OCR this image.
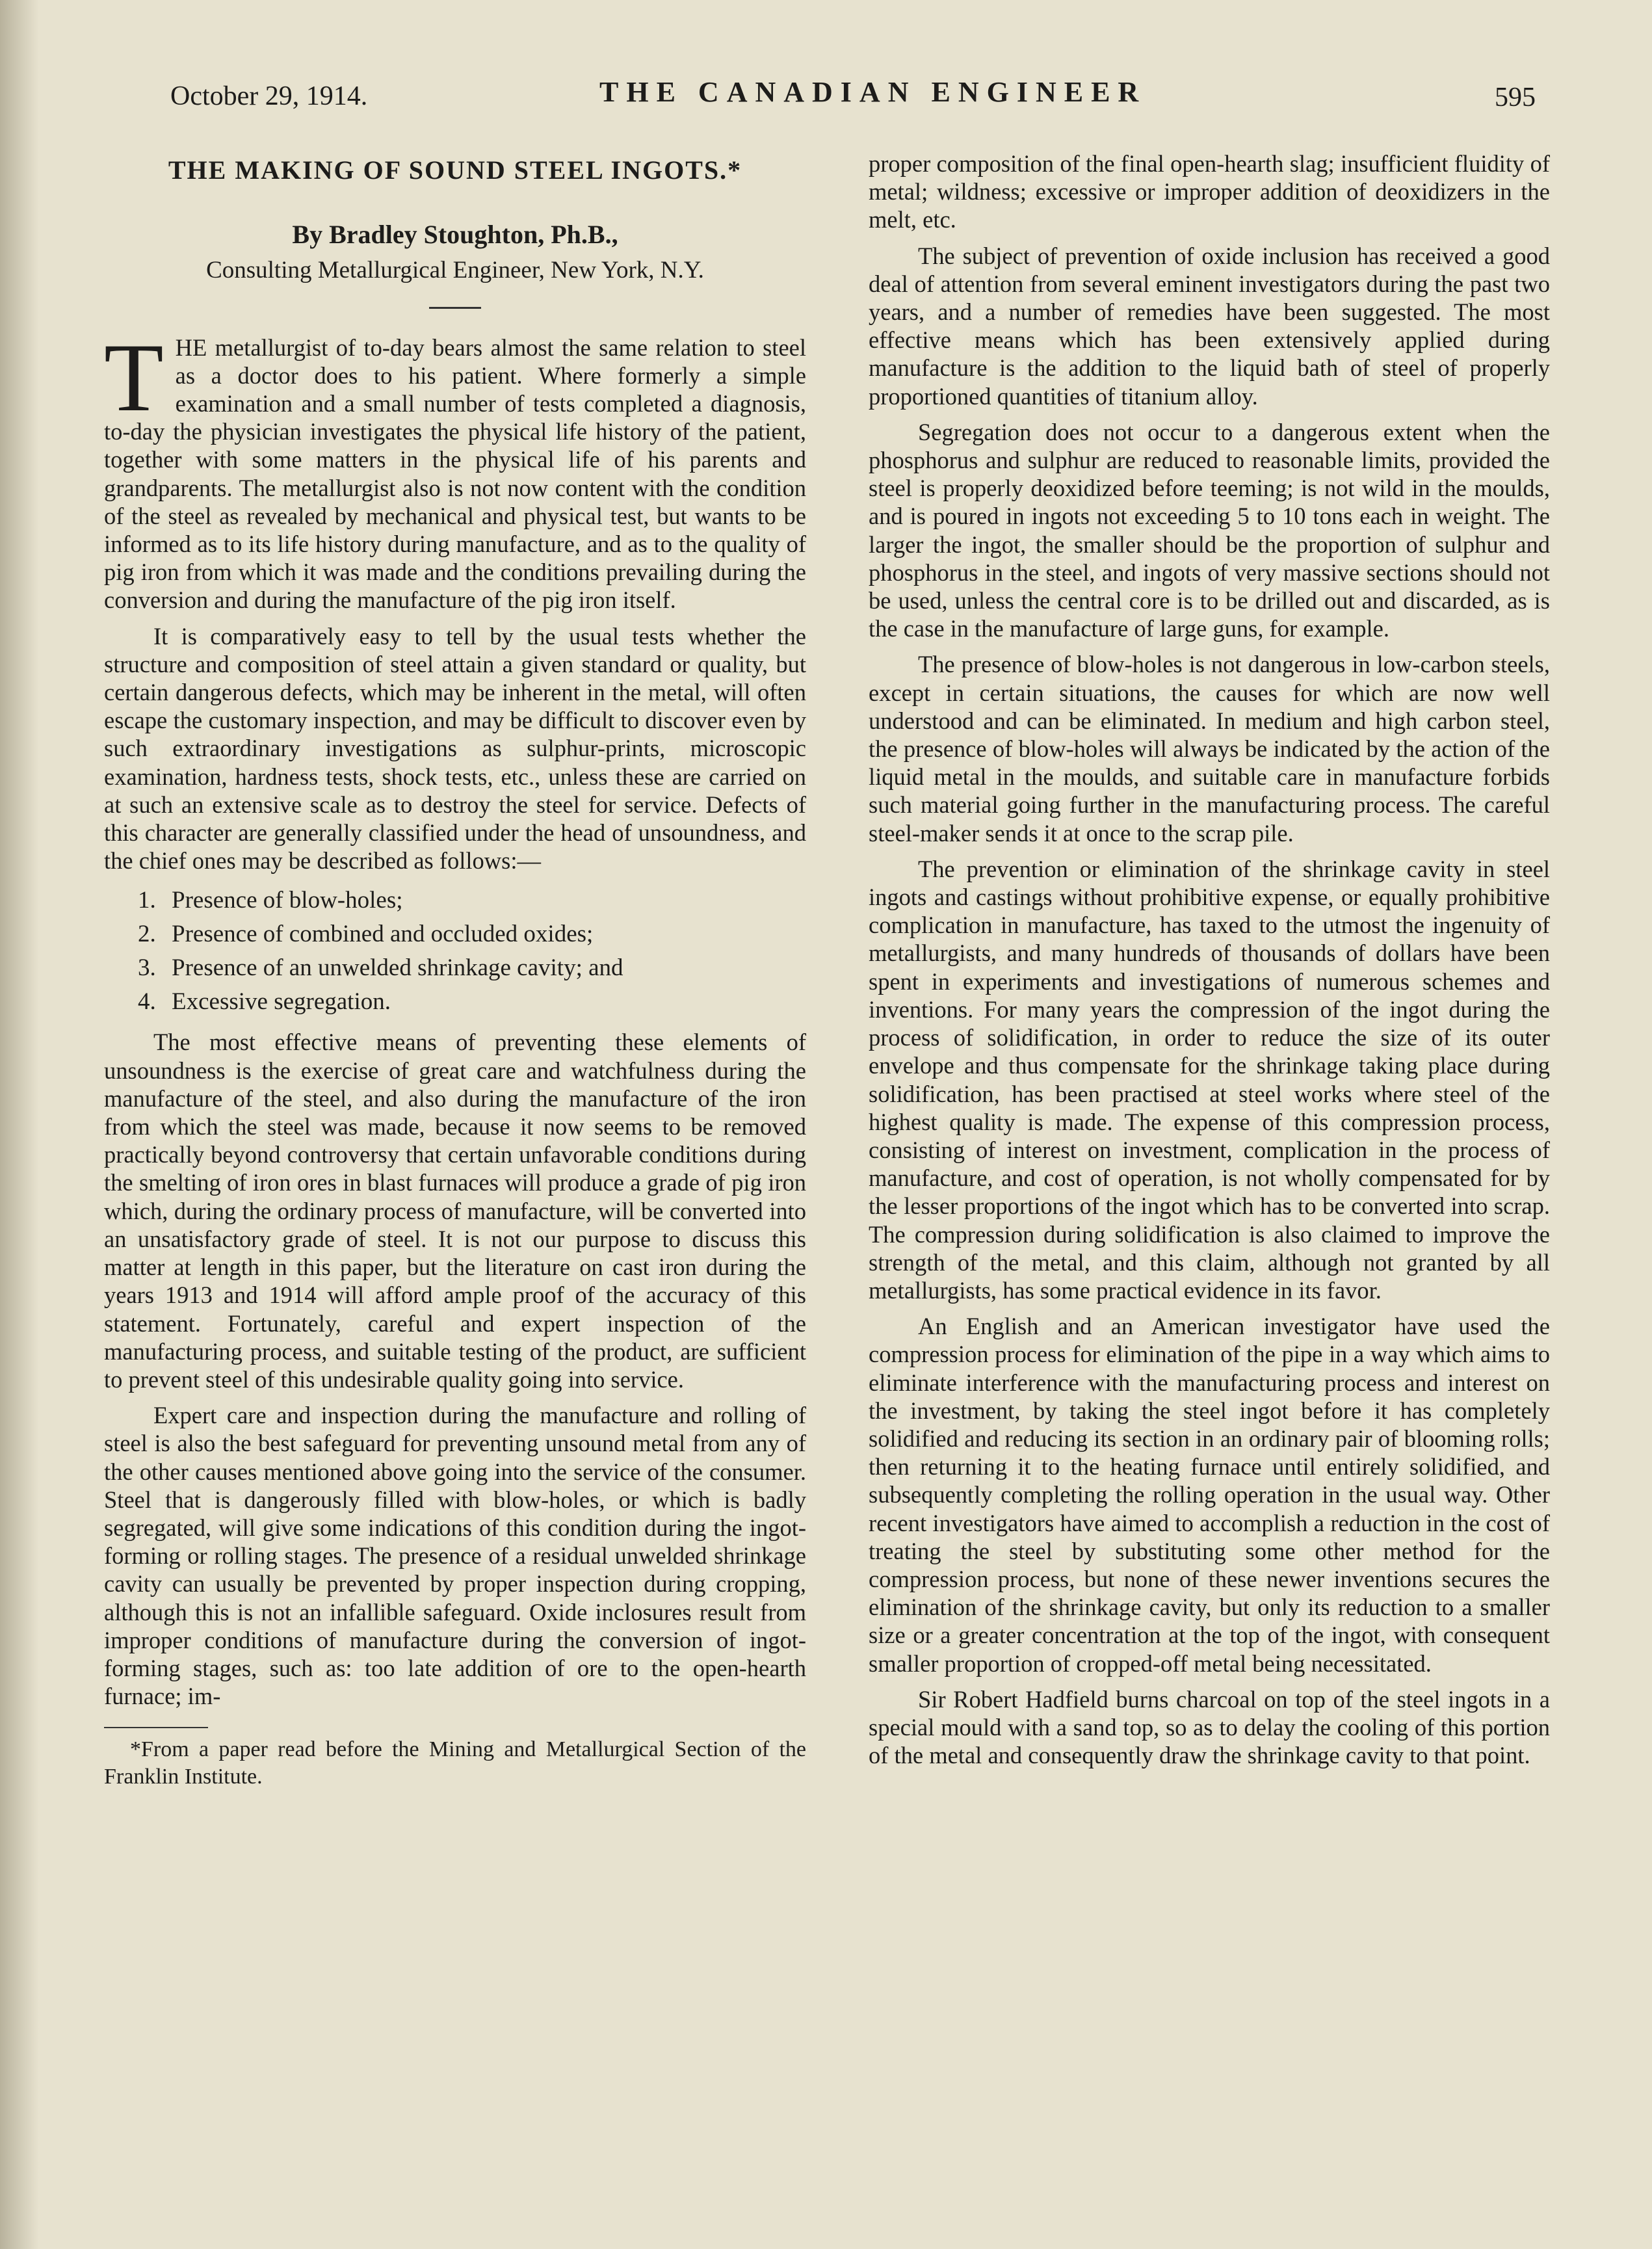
October 29, 1914.	THE CANADIAN ENGINEER	595
THE MAKING OF SOUND STEEL INGOTS.*

By Bradley Stoughton, Ph.B.,

Consulting Metallurgical Engineer, New York, N.Y.

THE metallurgist of to-day bears almost the same relation to steel as a doctor does to his patient. Where formerly a simple examination and a small number of tests completed a diagnosis, to-day the physician investigates the physical life history of the patient, together with some matters in the physical life of his parents and grandparents. The metallurgist also is not now content with the condition of the steel as revealed by mechanical and physical test, but wants to be informed as to its life history during manufacture, and as to the quality of pig iron from which it was made and the conditions prevailing during the conversion and during the manufacture of the pig iron itself.

It is comparatively easy to tell by the usual tests whether the structure and composition of steel attain a given standard or quality, but certain dangerous defects, which may be inherent in the metal, will often escape the customary inspection, and may be difficult to discover even by such extraordinary investigations as sulphur-prints, microscopic examination, hardness tests, shock tests, etc., unless these are carried on at such an extensive scale as to destroy the steel for service. Defects of this character are generally classified under the head of unsoundness, and the chief ones may be described as follows:—

1. Presence of blow-holes;
2. Presence of combined and occluded oxides;
3. Presence of an unwelded shrinkage cavity; and
4. Excessive segregation.

The most effective means of preventing these elements of unsoundness is the exercise of great care and watchfulness during the manufacture of the steel, and also during the manufacture of the iron from which the steel was made, because it now seems to be removed practically beyond controversy that certain unfavorable conditions during the smelting of iron ores in blast furnaces will produce a grade of pig iron which, during the ordinary process of manufacture, will be converted into an unsatisfactory grade of steel. It is not our purpose to discuss this matter at length in this paper, but the literature on cast iron during the years 1913 and 1914 will afford ample proof of the accuracy of this statement. Fortunately, careful and expert inspection of the manufacturing process, and suitable testing of the product, are sufficient to prevent steel of this undesirable quality going into service.

Expert care and inspection during the manufacture and rolling of steel is also the best safeguard for preventing unsound metal from any of the other causes mentioned above going into the service of the consumer. Steel that is dangerously filled with blow-holes, or which is badly segregated, will give some indications of this condition during the ingot-forming or rolling stages. The presence of a residual unwelded shrinkage cavity can usually be prevented by proper inspection during cropping, although this is not an infallible safeguard. Oxide inclosures result from improper conditions of manufacture during the conversion of ingot-forming stages, such as: too late addition of ore to the open-hearth furnace; im-

*From a paper read before the Mining and Metallurgical Section of the Franklin Institute.

proper composition of the final open-hearth slag; insufficient fluidity of metal; wildness; excessive or improper addition of deoxidizers in the melt, etc.

The subject of prevention of oxide inclusion has received a good deal of attention from several eminent investigators during the past two years, and a number of remedies have been suggested. The most effective means which has been extensively applied during manufacture is the addition to the liquid bath of steel of properly proportioned quantities of titanium alloy.

Segregation does not occur to a dangerous extent when the phosphorus and sulphur are reduced to reasonable limits, provided the steel is properly deoxidized before teeming; is not wild in the moulds, and is poured in ingots not exceeding 5 to 10 tons each in weight. The larger the ingot, the smaller should be the proportion of sulphur and phosphorus in the steel, and ingots of very massive sections should not be used, unless the central core is to be drilled out and discarded, as is the case in the manufacture of large guns, for example.

The presence of blow-holes is not dangerous in low-carbon steels, except in certain situations, the causes for which are now well understood and can be eliminated. In medium and high carbon steel, the presence of blow-holes will always be indicated by the action of the liquid metal in the moulds, and suitable care in manufacture forbids such material going further in the manufacturing process. The careful steel-maker sends it at once to the scrap pile.

The prevention or elimination of the shrinkage cavity in steel ingots and castings without prohibitive expense, or equally prohibitive complication in manufacture, has taxed to the utmost the ingenuity of metallurgists, and many hundreds of thousands of dollars have been spent in experiments and investigations of numerous schemes and inventions. For many years the compression of the ingot during the process of solidification, in order to reduce the size of its outer envelope and thus compensate for the shrinkage taking place during solidification, has been practised at steel works where steel of the highest quality is made. The expense of this compression process, consisting of interest on investment, complication in the process of manufacture, and cost of operation, is not wholly compensated for by the lesser proportions of the ingot which has to be converted into scrap. The compression during solidification is also claimed to improve the strength of the metal, and this claim, although not granted by all metallurgists, has some practical evidence in its favor.

An English and an American investigator have used the compression process for elimination of the pipe in a way which aims to eliminate interference with the manufacturing process and interest on the investment, by taking the steel ingot before it has completely solidified and reducing its section in an ordinary pair of blooming rolls; then returning it to the heating furnace until entirely solidified, and subsequently completing the rolling operation in the usual way. Other recent investigators have aimed to accomplish a reduction in the cost of treating the steel by substituting some other method for the compression process, but none of these newer inventions secures the elimination of the shrinkage cavity, but only its reduction to a smaller size or a greater concentration at the top of the ingot, with consequent smaller proportion of cropped-off metal being necessitated.

Sir Robert Hadfield burns charcoal on top of the steel ingots in a special mould with a sand top, so as to delay the cooling of this portion of the metal and consequently draw the shrinkage cavity to that point.
